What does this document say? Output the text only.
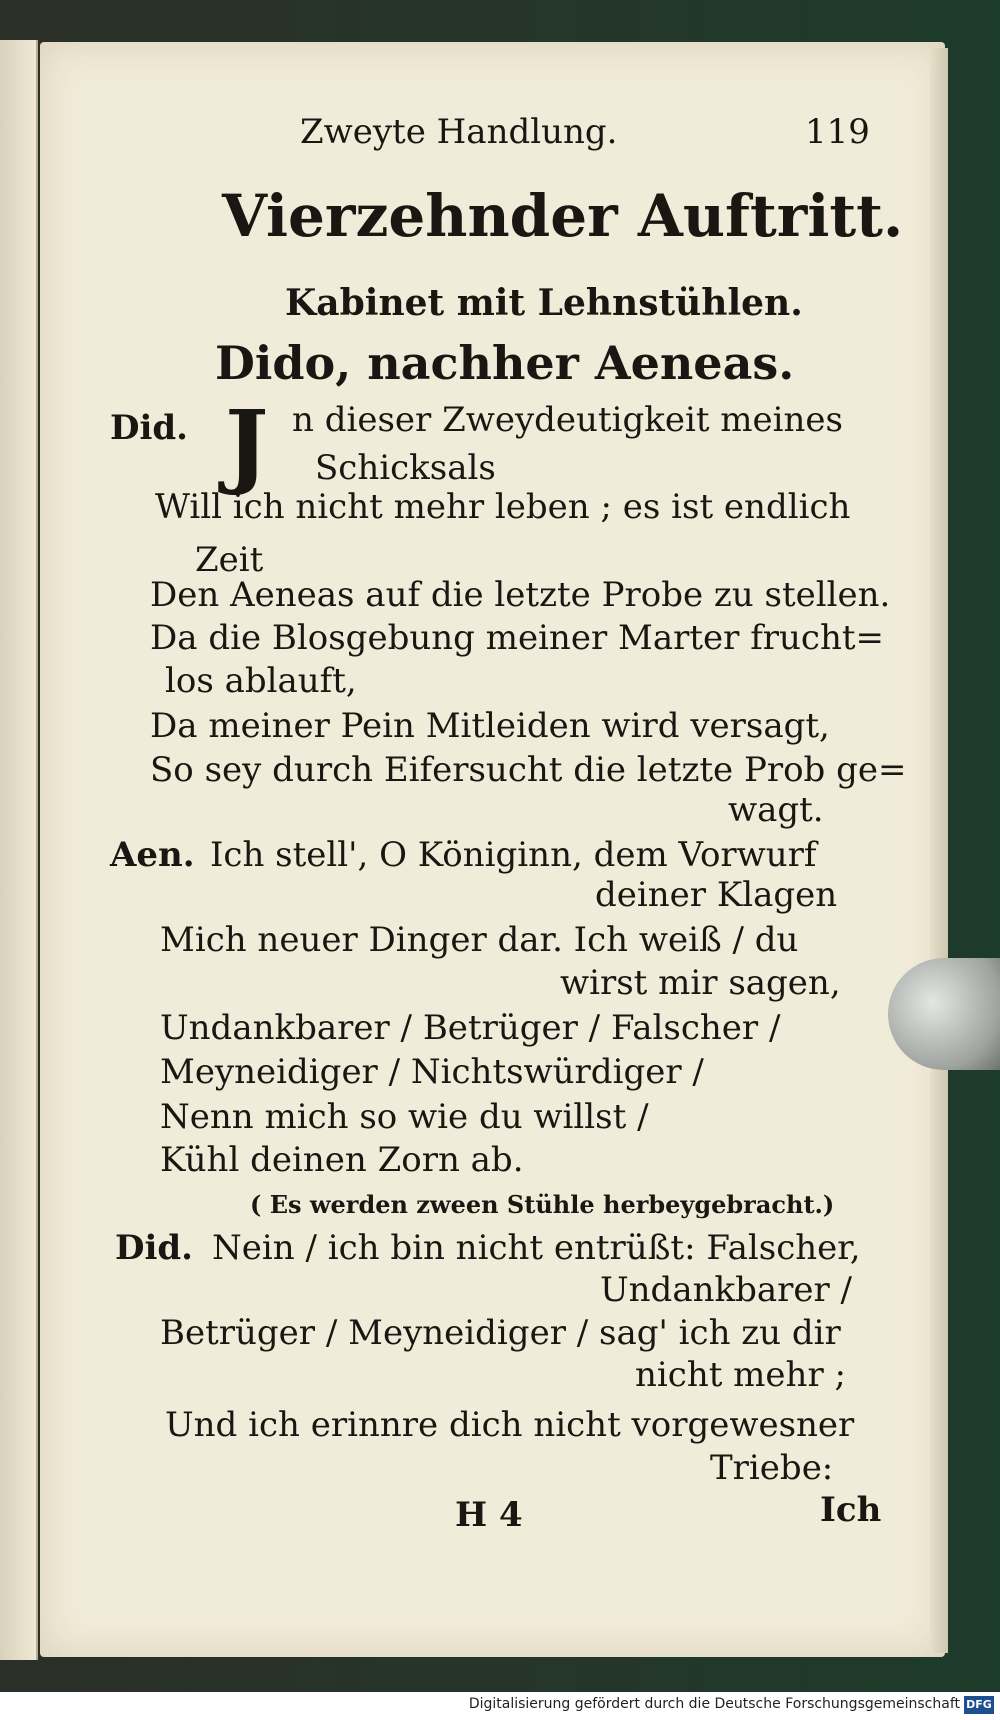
Zweyte Handlung.	119
Vierzehnder Auftritt.
Kabinet mit Lehnstühlen.
Dido, nachher Aeneas.
Did. J n dieser Zweydeutigkeit meines
Schicksals
Will ich nicht mehr leben ; es ist endlich
Zeit
Den Aeneas auf die letzte Probe zu stellen.
Da die Blosgebung meiner Marter frucht=
los ablauft,
Da meiner Pein Mitleiden wird versagt,
So sey durch Eifersucht die letzte Prob ge=
wagt.
Aen. Ich stell', O Königinn, dem Vorwurf
deiner Klagen
Mich neuer Dinger dar. Ich weiß / du
wirst mir sagen,
Undankbarer / Betrüger / Falscher /
Meyneidiger / Nichtswürdiger /
Nenn mich so wie du willst /
Kühl deinen Zorn ab.
( Es werden zween Stühle herbeygebracht.)
Did. Nein / ich bin nicht entrüßt: Falscher,
Undankbarer /
Betrüger / Meyneidiger / sag' ich zu dir
nicht mehr ;
Und ich erinnre dich nicht vorgewesner
Triebe:
H 4	Ich
Digitalisierung gefördert durch die Deutsche Forschungsgemeinschaft DFG
